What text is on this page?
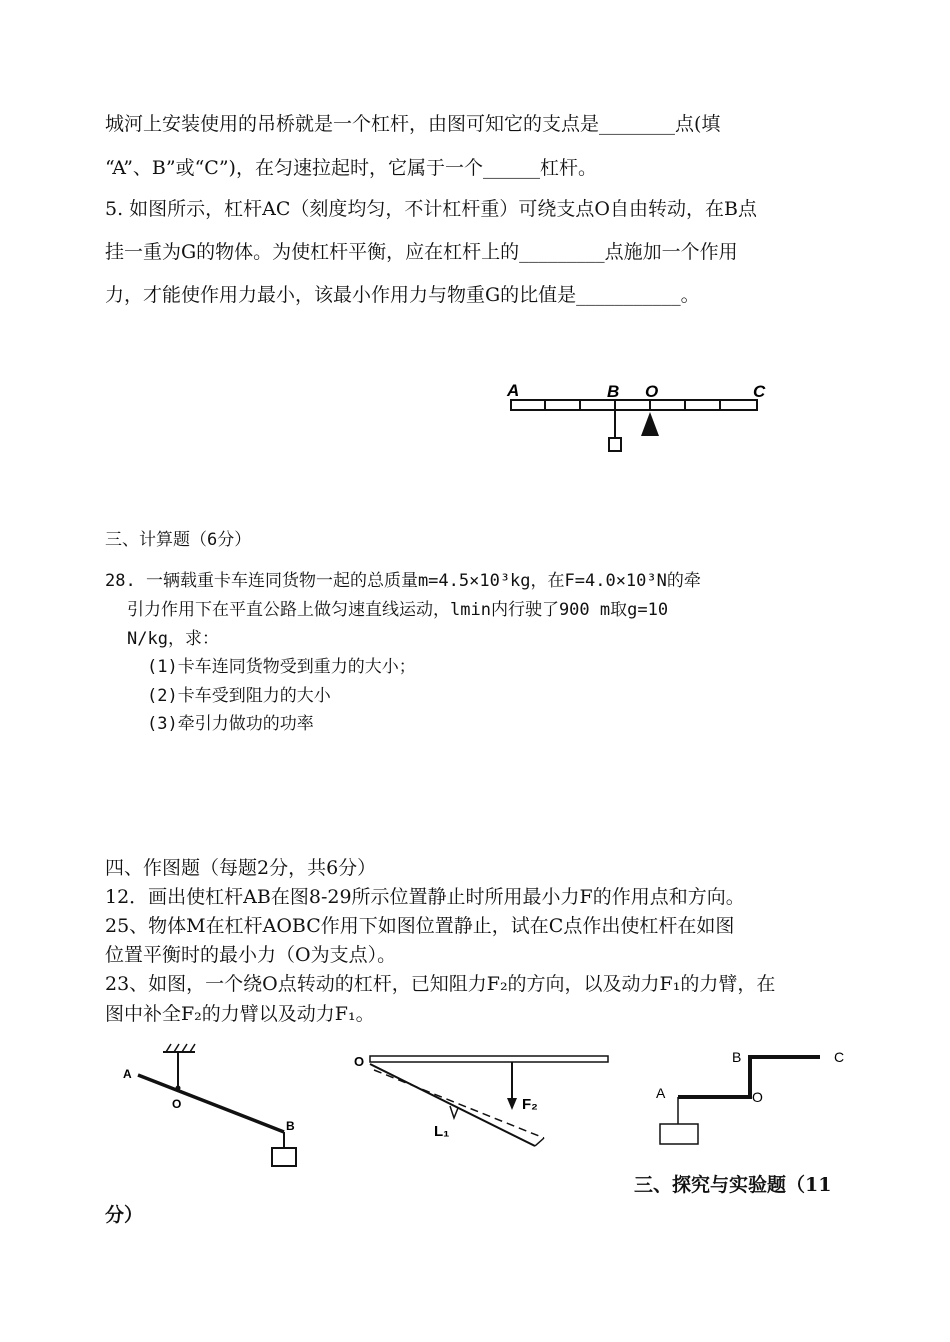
城河上安装使用的吊桥就是一个杠杆，由图可知它的支点是________点(填
“A”、B”或“C”)，在匀速拉起时，它属于一个______杠杆。
5. 如图所示，杠杆AC（刻度均匀，不计杠杆重）可绕支点O自由转动，在B点
挂一重为G的物体。为使杠杆平衡，应在杠杆上的_________点施加一个作用
力，才能使作用力最小，该最小作用力与物重G的比值是___________。
A	B O	C
三、计算题（6分）
28. 一辆载重卡车连同货物一起的总质量m=4.5×10³kg，在F=4.0×10³N的牵
引力作用下在平直公路上做匀速直线运动，lmin内行驶了900 m取g=10
N/kg，求：
(1)卡车连同货物受到重力的大小；
(2)卡车受到阻力的大小
(3)牵引力做功的功率
四、作图题（每题2分，共6分）
12．画出使杠杆AB在图8-29所示位置静止时所用最小力F的作用点和方向。
25、物体M在杠杆AOBC作用下如图位置静止，试在C点作出使杠杆在如图
位置平衡时的最小力（O为支点）。
23、如图，一个绕O点转动的杠杆，已知阻力F₂的方向，以及动力F₁的力臂，在
图中补全F₂的力臂以及动力F₁。
A
O
B
O
F₂
L₁
A
B
O
C
三、探究与实验题（11
分）
